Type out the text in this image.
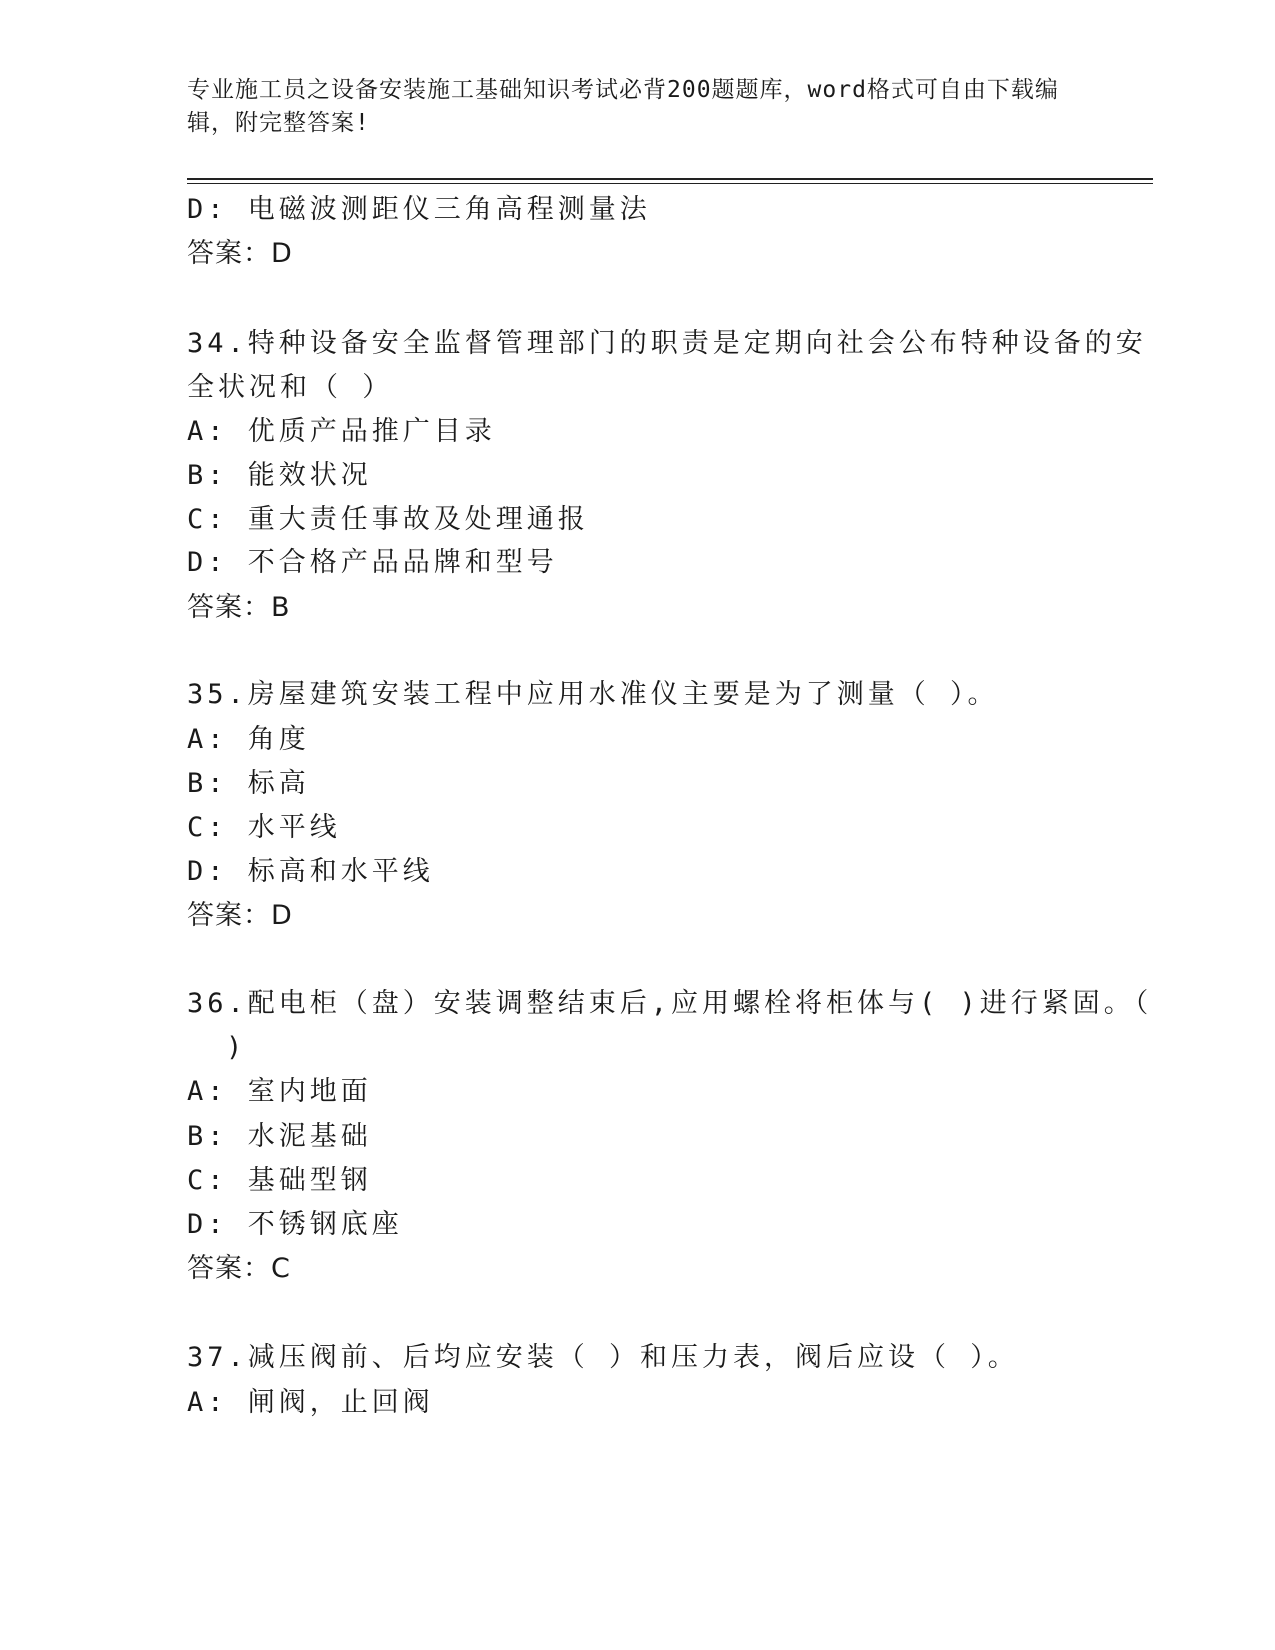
专业施工员之设备安装施工基础知识考试必背200题题库，word格式可自由下载编辑，附完整答案!
D: 电磁波测距仪三角高程测量法
答案：D
34.特种设备安全监督管理部门的职责是定期向社会公布特种设备的安
全状况和（ ）
A: 优质产品推广目录
B: 能效状况
C: 重大责任事故及处理通报
D: 不合格产品品牌和型号
答案：B
35.房屋建筑安装工程中应用水准仪主要是为了测量（ ）。
A: 角度
B: 标高
C: 水平线
D: 标高和水平线
答案：D
36.配电柜（盘）安装调整结束后,应用螺栓将柜体与( )进行紧固。（
)
A: 室内地面
B: 水泥基础
C: 基础型钢
D: 不锈钢底座
答案：C
37.减压阀前、后均应安装（ ）和压力表，阀后应设（ ）。
A: 闸阀，止回阀
